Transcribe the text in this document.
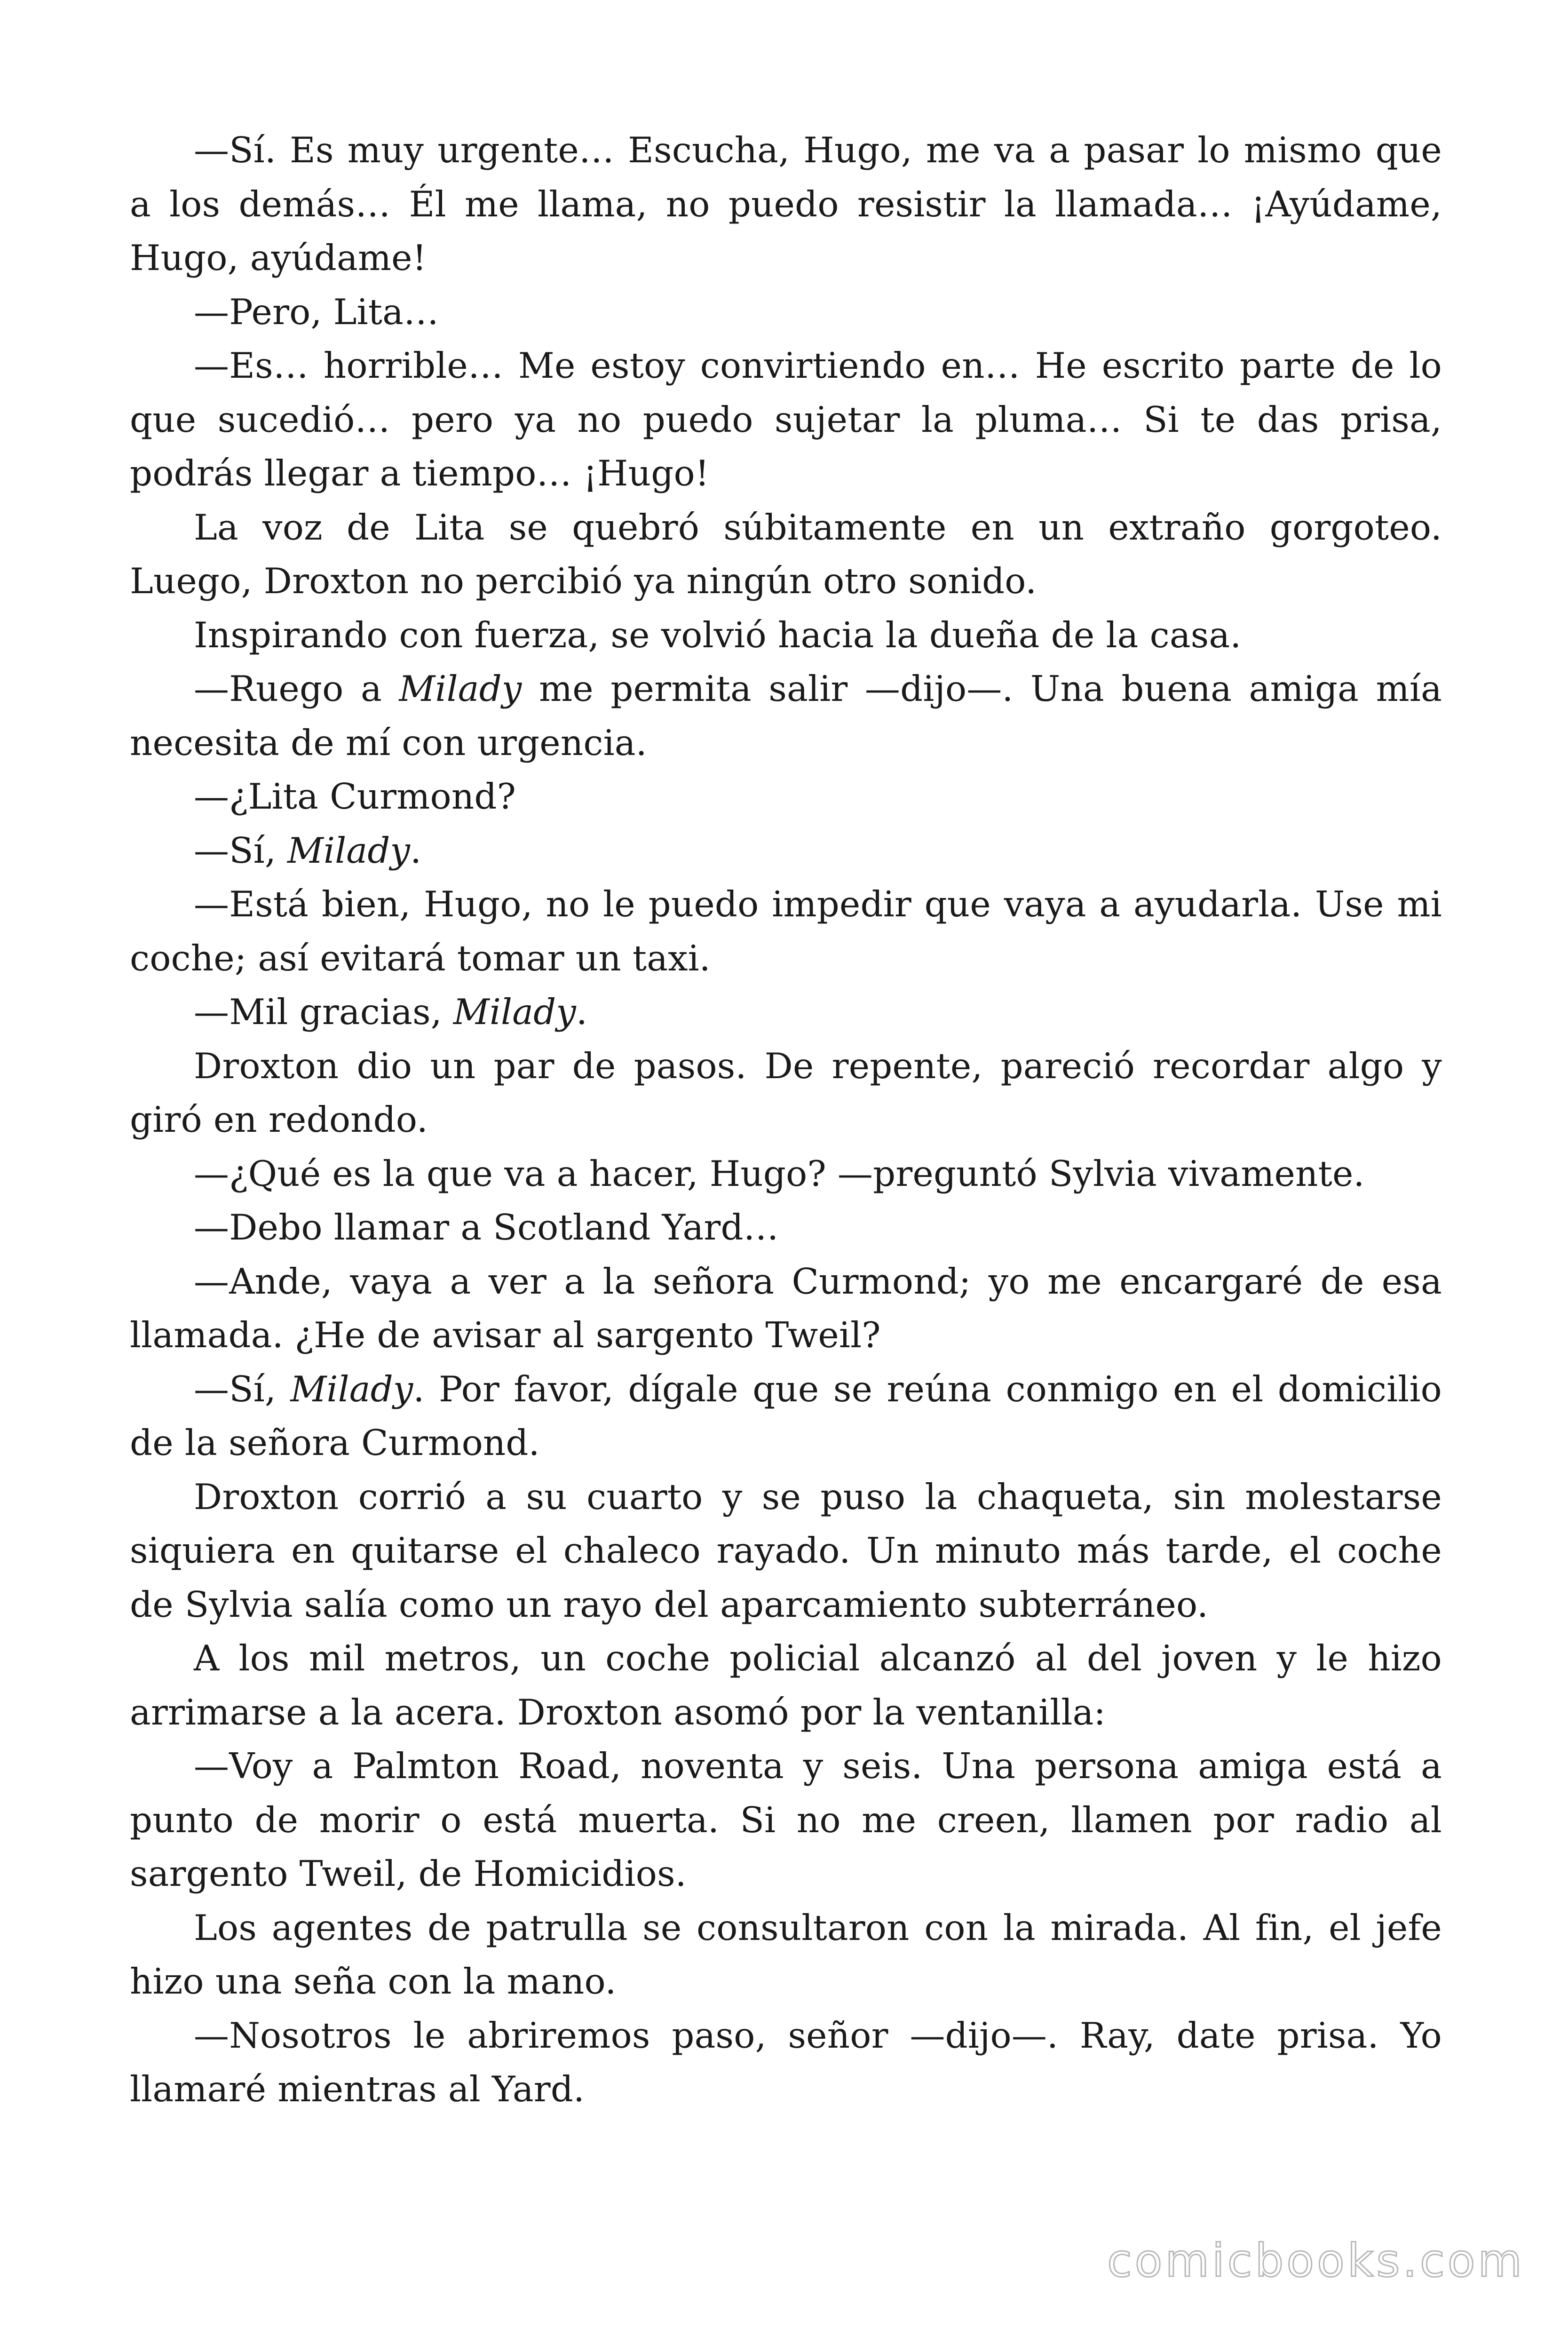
—Sí. Es muy urgente… Escucha, Hugo, me va a pasar lo mismo que a los demás… Él me llama, no puedo resistir la llamada… ¡Ayúdame, Hugo, ayúdame!

—Pero, Lita…

—Es… horrible… Me estoy convirtiendo en… He escrito parte de lo que sucedió… pero ya no puedo sujetar la pluma… Si te das prisa, podrás llegar a tiempo… ¡Hugo!

La voz de Lita se quebró súbitamente en un extraño gorgoteo. Luego, Droxton no percibió ya ningún otro sonido.

Inspirando con fuerza, se volvió hacia la dueña de la casa.

—Ruego a Milady me permita salir —dijo—. Una buena amiga mía necesita de mí con urgencia.

—¿Lita Curmond?

—Sí, Milady.

—Está bien, Hugo, no le puedo impedir que vaya a ayudarla. Use mi coche; así evitará tomar un taxi.

—Mil gracias, Milady.

Droxton dio un par de pasos. De repente, pareció recordar algo y giró en redondo.

—¿Qué es la que va a hacer, Hugo? —preguntó Sylvia vivamente.

—Debo llamar a Scotland Yard…

—Ande, vaya a ver a la señora Curmond; yo me encargaré de esa llamada. ¿He de avisar al sargento Tweil?

—Sí, Milady. Por favor, dígale que se reúna conmigo en el domicilio de la señora Curmond.

Droxton corrió a su cuarto y se puso la chaqueta, sin molestarse siquiera en quitarse el chaleco rayado. Un minuto más tarde, el coche de Sylvia salía como un rayo del aparcamiento subterráneo.

A los mil metros, un coche policial alcanzó al del joven y le hizo arrimarse a la acera. Droxton asomó por la ventanilla:

—Voy a Palmton Road, noventa y seis. Una persona amiga está a punto de morir o está muerta. Si no me creen, llamen por radio al sargento Tweil, de Homicidios.

Los agentes de patrulla se consultaron con la mirada. Al fin, el jefe hizo una seña con la mano.

—Nosotros le abriremos paso, señor —dijo—. Ray, date prisa. Yo llamaré mientras al Yard.

comicbooks.com
